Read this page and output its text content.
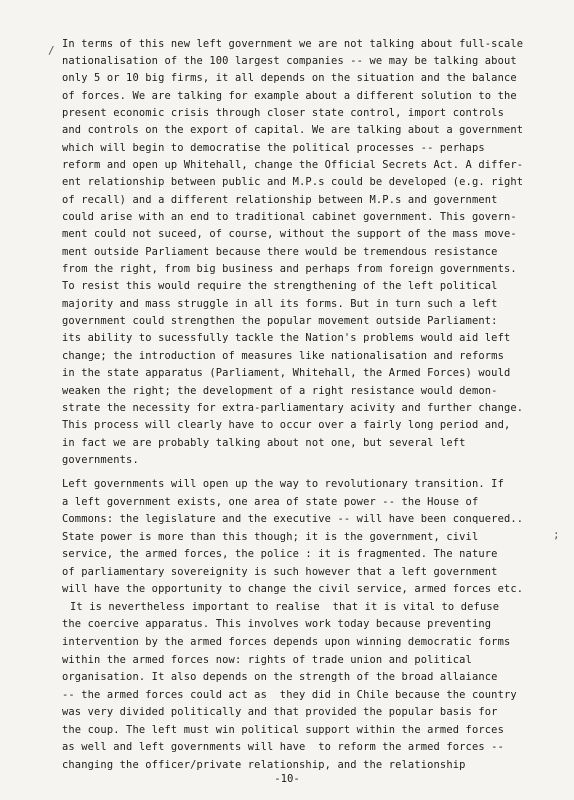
In terms of this new left government we are not talking about full-scale
nationalisation of the 100 largest companies -- we may be talking about
only 5 or 10 big firms, it all depends on the situation and the balance
of forces. We are talking for example about a different solution to the
present economic crisis through closer state control, import controls
and controls on the export of capital. We are talking about a government
which will begin to democratise the political processes -- perhaps
reform and open up Whitehall, change the Official Secrets Act. A differ-
ent relationship between public and M.P.s could be developed (e.g. right
of recall) and a different relationship between M.P.s and government
could arise with an end to traditional cabinet government. This govern-
ment could not suceed, of course, without the support of the mass move-
ment outside Parliament because there would be tremendous resistance
from the right, from big business and perhaps from foreign governments.
To resist this would require the strengthening of the left political
majority and mass struggle in all its forms. But in turn such a left
government could strengthen the popular movement outside Parliament:
its ability to sucessfully tackle the Nation's problems would aid left
change; the introduction of measures like nationalisation and reforms
in the state apparatus (Parliament, Whitehall, the Armed Forces) would
weaken the right; the development of a right resistance would demon-
strate the necessity for extra-parliamentary acivity and further change.
This process will clearly have to occur over a fairly long period and,
in fact we are probably talking about not one, but several left
governments.
Left governments will open up the way to revolutionary transition. If
a left government exists, one area of state power -- the House of
Commons: the legislature and the executive -- will have been conquered..
State power is more than this though; it is the government, civil
service, the armed forces, the police : it is fragmented. The nature
of parliamentary sovereignity is such however that a left government
will have the opportunity to change the civil service, armed forces etc.
It is nevertheless important to realise  that it is vital to defuse
the coercive apparatus. This involves work today because preventing
intervention by the armed forces depends upon winning democratic forms
within the armed forces now: rights of trade union and political
organisation. It also depends on the strength of the broad allaiance
-- the armed forces could act as  they did in Chile because the country
was very divided politically and that provided the popular basis for
the coup. The left must win political support within the armed forces
as well and left governments will have  to reform the armed forces --
changing the officer/private relationship, and the relationship
/
;
-10-
